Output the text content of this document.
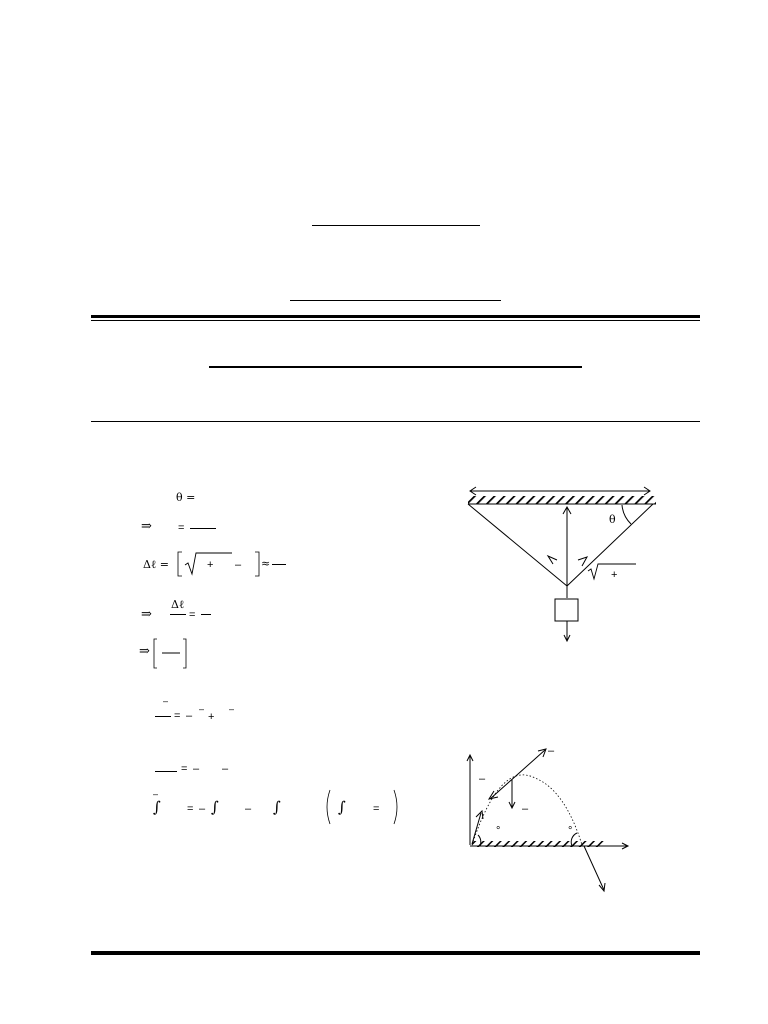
θ =
⇒ =
Δℓ =	+ – ≈
⇒
Δℓ
=
⇒
–
= –
–
+
–
= – –
–
∫ = – ∫ – ∫	∫ =
θ
+
–
–
–
°	°
